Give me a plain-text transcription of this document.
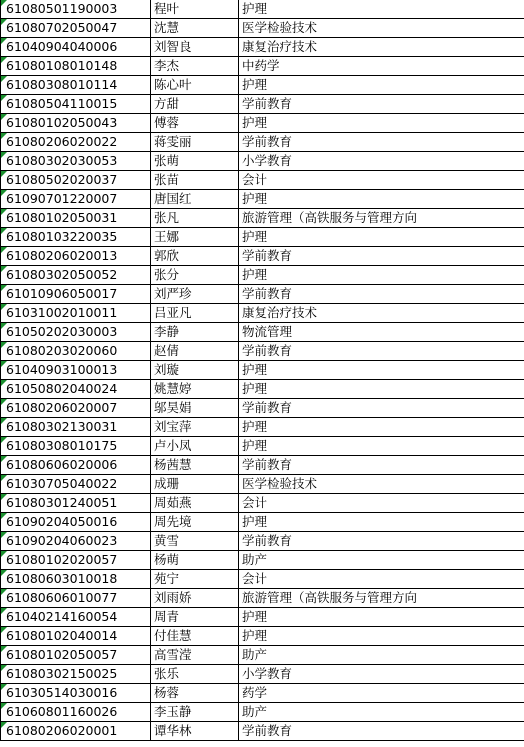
61080501190003	程叶	护理

61080702050047	沈慧	医学检验技术

61040904040006	刘智良	康复治疗技术

61080108010148	李杰	中药学

61080308010114	陈心叶	护理

61080504110015	方甜	学前教育

61080102050043	傅蓉	护理

61080206020022	蒋雯丽	学前教育

61080302030053	张萌	小学教育

61080502020037	张苗	会计

61090701220007	唐国红	护理

61080102050031	张凡	旅游管理（高铁服务与管理方向

61080103220035	王娜	护理

61080206020013	郭欣	学前教育

61080302050052	张分	护理

61010906050017	刘严珍	学前教育

61031002010011	吕亚凡	康复治疗技术

61050202030003	李静	物流管理

61080203020060	赵倩	学前教育

61040903100013	刘璇	护理

61050802040024	姚慧婷	护理

61080206020007	邬昊娟	学前教育

61080302130031	刘宝萍	护理

61080308010175	卢小凤	护理

61080606020006	杨茜慧	学前教育

61030705040022	成珊	医学检验技术

61080301240051	周茹燕	会计

61090204050016	周先境	护理

61090204060023	黄雪	学前教育

61080102020057	杨萌	助产

61080603010018	苑宁	会计

61080606010077	刘雨娇	旅游管理（高铁服务与管理方向

61040214160054	周青	护理

61080102040014	付佳慧	护理

61080102050057	高雪滢	助产

61080302150025	张乐	小学教育

61030514030016	杨蓉	药学

61060801160026	李玉静	助产

61080206020001	谭华林	学前教育
